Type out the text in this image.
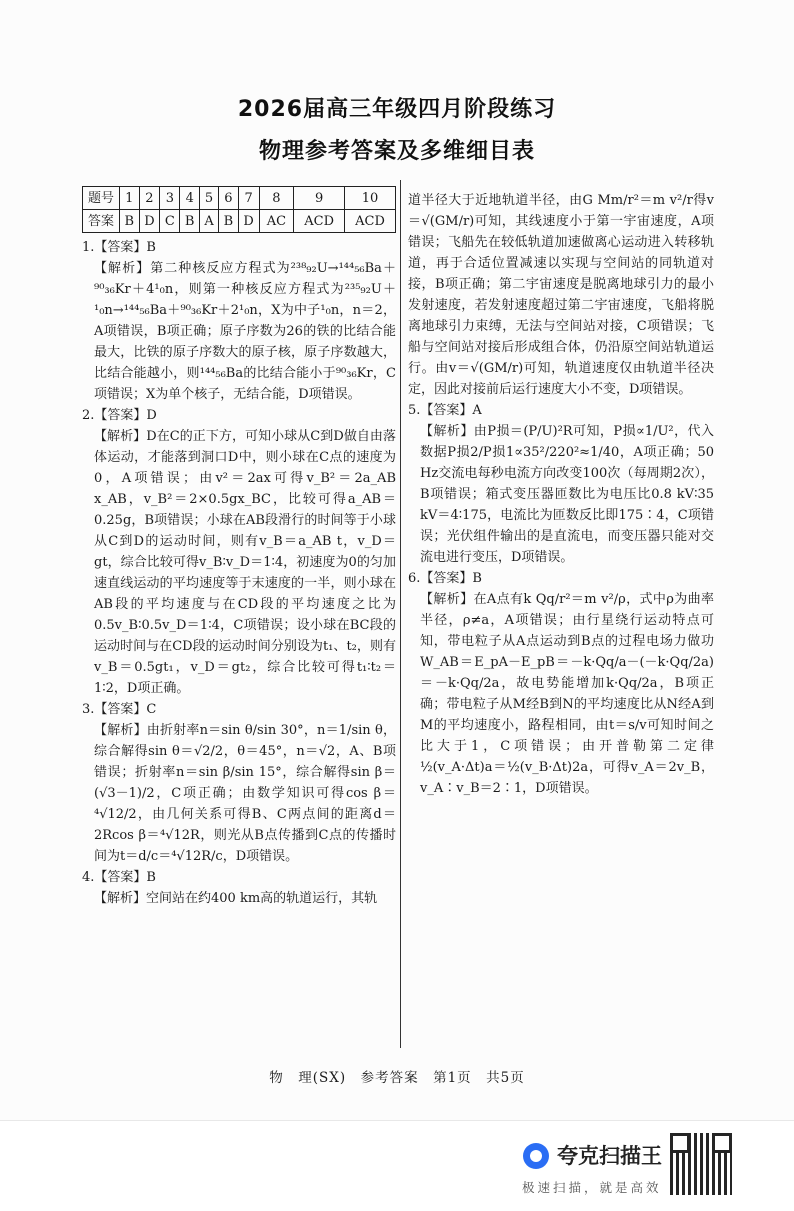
2026届高三年级四月阶段练习
物理参考答案及多维细目表
题号	1	2	3	4	5	6	7	8	9	10
答案	B	D	C	B	A	B	D	AC	ACD	ACD

1.【答案】B

【解析】第二种核反应方程式为²³⁸₉₂U→¹⁴⁴₅₆Ba＋⁹⁰₃₆Kr＋4¹₀n，则第一种核反应方程式为²³⁵₉₂U＋¹₀n→¹⁴⁴₅₆Ba＋⁹⁰₃₆Kr＋2¹₀n，X为中子¹₀n，n＝2，A项错误，B项正确；原子序数为26的铁的比结合能最大，比铁的原子序数大的原子核，原子序数越大，比结合能越小，则¹⁴⁴₅₆Ba的比结合能小于⁹⁰₃₆Kr，C项错误；X为单个核子，无结合能，D项错误。

2.【答案】D

【解析】D在C的正下方，可知小球从C到D做自由落体运动，才能落到洞口D中，则小球在C点的速度为0，A项错误；由v²＝2ax可得v_B²＝2a_AB x_AB，v_B²＝2×0.5gx_BC，比较可得a_AB＝0.25g，B项错误；小球在AB段滑行的时间等于小球从C到D的运动时间，则有v_B＝a_AB t，v_D＝gt，综合比较可得v_B∶v_D＝1∶4，初速度为0的匀加速直线运动的平均速度等于末速度的一半，则小球在AB段的平均速度与在CD段的平均速度之比为0.5v_B∶0.5v_D＝1∶4，C项错误；设小球在BC段的运动时间与在CD段的运动时间分别设为t₁、t₂，则有v_B＝0.5gt₁，v_D＝gt₂，综合比较可得t₁∶t₂＝1∶2，D项正确。

3.【答案】C

【解析】由折射率n＝sin θ/sin 30°，n＝1/sin θ，综合解得sin θ＝√2/2，θ＝45°，n＝√2，A、B项错误；折射率n＝sin β/sin 15°，综合解得sin β＝(√3－1)/2，C项正确；由数学知识可得cos β＝⁴√12/2，由几何关系可得B、C两点间的距离d＝2Rcos β＝⁴√12R，则光从B点传播到C点的传播时间为t＝d/c＝⁴√12R/c，D项错误。

4.【答案】B

【解析】空间站在约400 km高的轨道运行，其轨

道半径大于近地轨道半径，由G Mm/r²＝m v²/r得v＝√(GM/r)可知，其线速度小于第一宇宙速度，A项错误；飞船先在较低轨道加速做离心运动进入转移轨道，再于合适位置减速以实现与空间站的同轨道对接，B项正确；第二宇宙速度是脱离地球引力的最小发射速度，若发射速度超过第二宇宙速度，飞船将脱离地球引力束缚，无法与空间站对接，C项错误；飞船与空间站对接后形成组合体，仍沿原空间站轨道运行。由v＝√(GM/r)可知，轨道速度仅由轨道半径决定，因此对接前后运行速度大小不变，D项错误。

5.【答案】A

【解析】由P损＝(P/U)²R可知，P损∝1/U²，代入数据P损2/P损1∝35²/220²≈1/40，A项正确；50 Hz交流电每秒电流方向改变100次（每周期2次），B项错误；箱式变压器匝数比为电压比0.8 kV∶35 kV＝4∶175，电流比为匝数反比即175∶4，C项错误；光伏组件输出的是直流电，而变压器只能对交流电进行变压，D项错误。

6.【答案】B

【解析】在A点有k Qq/r²＝m v²/ρ，式中ρ为曲率半径，ρ≠a，A项错误；由行星绕行运动特点可知，带电粒子从A点运动到B点的过程电场力做功W_AB＝E_pA－E_pB＝－k·Qq/a－(－k·Qq/2a)＝－k·Qq/2a，故电势能增加k·Qq/2a，B项正确；带电粒子从M经B到N的平均速度比从N经A到M的平均速度小，路程相同，由t＝s/v可知时间之比大于1，C项错误；由开普勒第二定律½(v_A·Δt)a＝½(v_B·Δt)2a，可得v_A＝2v_B，v_A∶v_B＝2∶1，D项错误。

物　理(SX)　参考答案　第1页　共5页
夸克扫描王
极速扫描，就是高效
